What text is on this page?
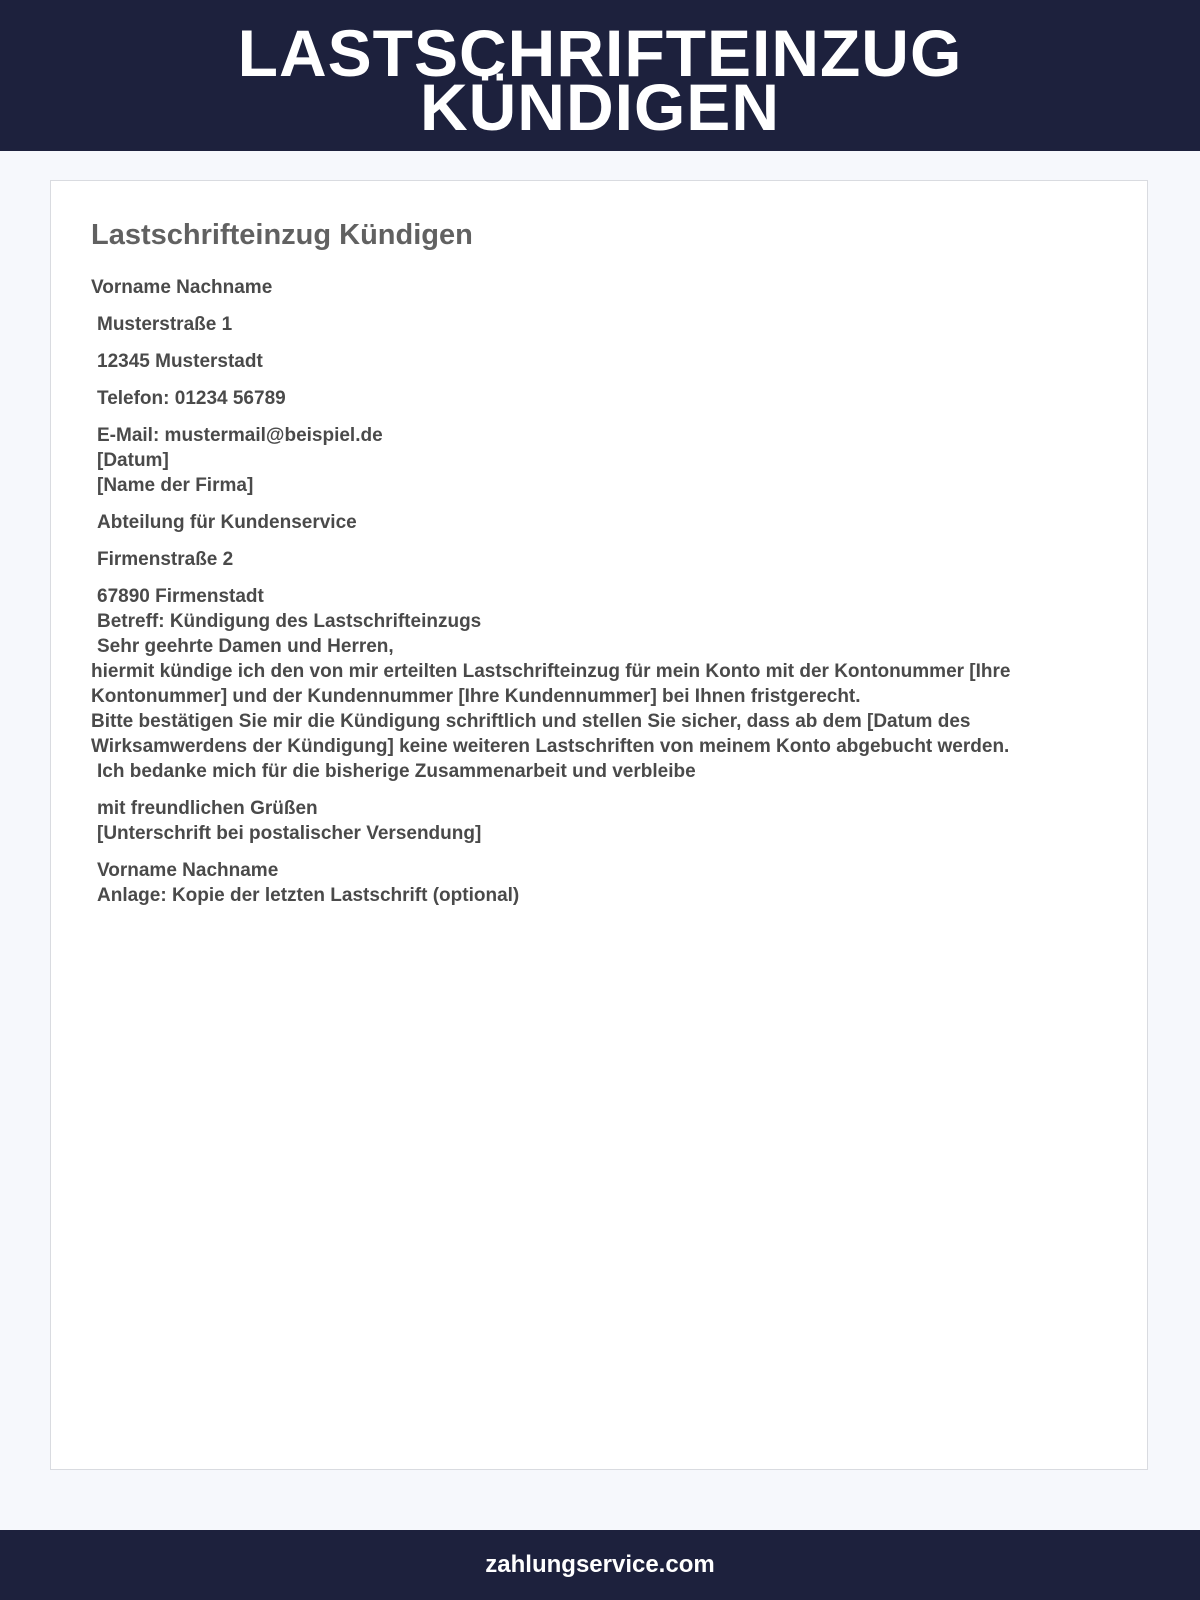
LASTSCHRIFTEINZUG
KÜNDIGEN
Lastschrifteinzug Kündigen
Vorname Nachname
Musterstraße 1
12345 Musterstadt
Telefon: 01234 56789
E-Mail: mustermail@beispiel.de
[Datum]
[Name der Firma]
Abteilung für Kundenservice
Firmenstraße 2
67890 Firmenstadt
Betreff: Kündigung des Lastschrifteinzugs
Sehr geehrte Damen und Herren,
hiermit kündige ich den von mir erteilten Lastschrifteinzug für mein Konto mit der Kontonummer [Ihre Kontonummer] und der Kundennummer [Ihre Kundennummer] bei Ihnen fristgerecht.
Bitte bestätigen Sie mir die Kündigung schriftlich und stellen Sie sicher, dass ab dem [Datum des Wirksamwerdens der Kündigung] keine weiteren Lastschriften von meinem Konto abgebucht werden.
Ich bedanke mich für die bisherige Zusammenarbeit und verbleibe
mit freundlichen Grüßen
[Unterschrift bei postalischer Versendung]
Vorname Nachname
Anlage: Kopie der letzten Lastschrift (optional)
zahlungservice.com
